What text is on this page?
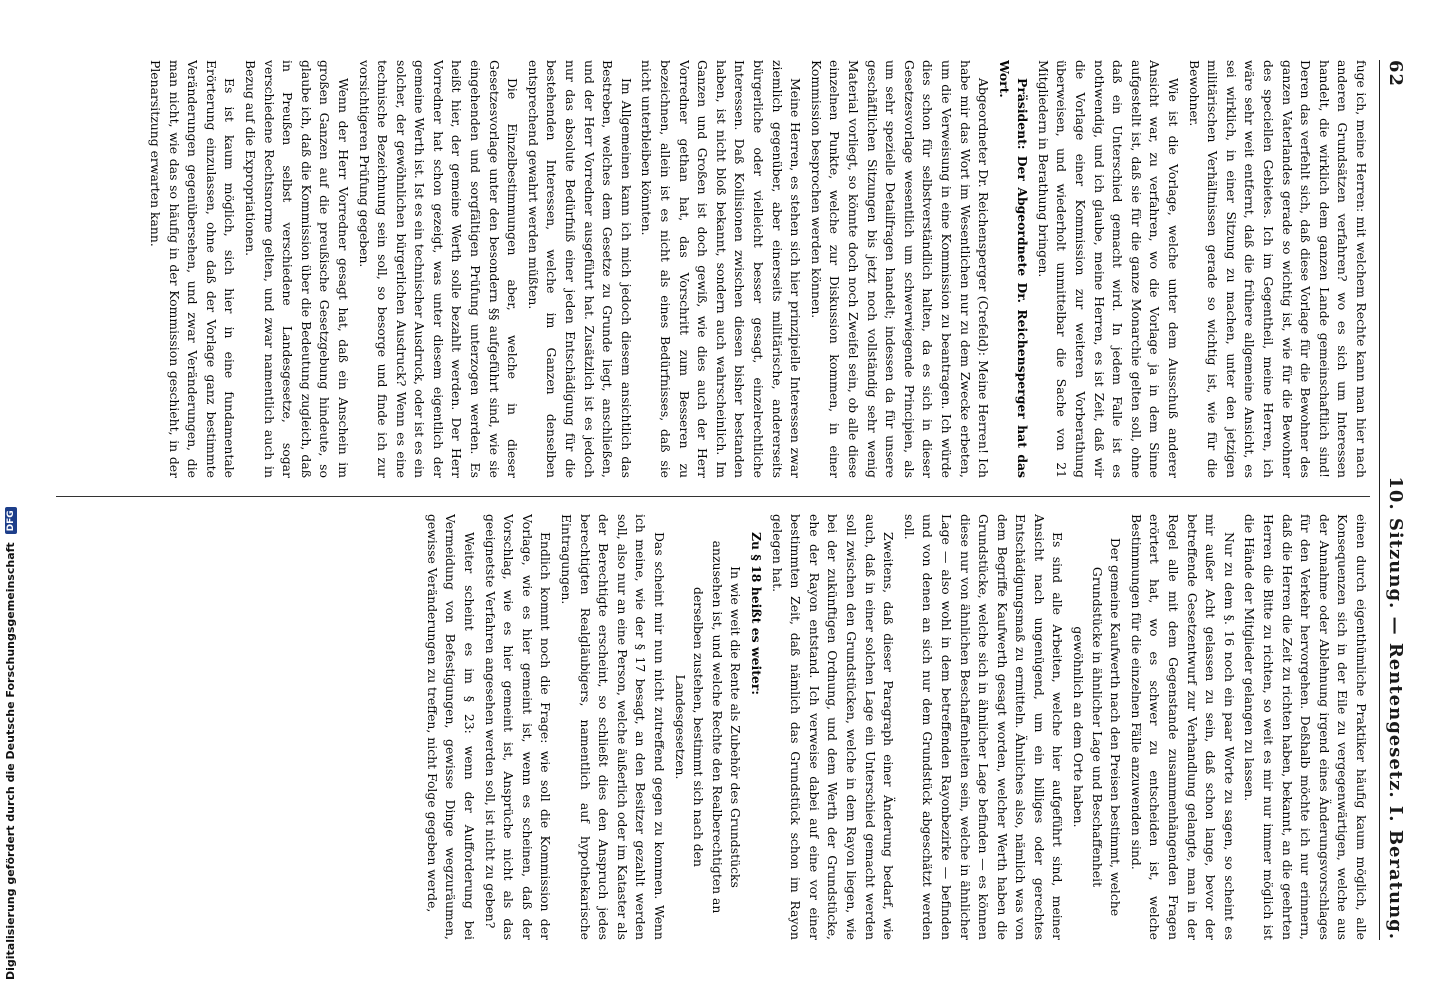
62
10. Sitzung. — Rentengesetz. I. Beratung.

fuge ich, meine Herren: mit welchem Rechte kann man hier nach anderen Grundsätzen verfahren? wo es sich um Interessen handelt, die wirklich dem ganzen Lande gemeinschaftlich sind! Deren das verfehlt sich, daß diese Vorlage für die Bewohner des ganzen Vaterlandes gerade so wichtig ist, wie für die Bewohner des speciellen Gebietes. Ich im Gegentheil, meine Herren, ich wäre sehr weit entfernt, daß die frühere allgemeine Ansicht, es sei wirklich, in einer Sitzung zu machen, unter den jetzigen militärischen Verhältnissen gerade so wichtig ist, wie für die Bewohner.

Wie ist die Vorlage, welche unter dem Ausschuß anderer Ansicht war, zu verfahren, wo die Vorlage ja in dem Sinne aufgestellt ist, daß sie für die ganze Monarchie gelten soll, ohne daß ein Unterschied gemacht wird. In jedem Falle ist es nothwendig, und ich glaube, meine Herren, es ist Zeit, daß wir die Vorlage einer Kommission zur weiteren Vorberathung überweisen, und wiederholt unmittelbar die Sache von 21 Mitgliedern in Berathung bringen.

Präsident: Der Abgeordnete Dr. Reichensperger hat das Wort.

Abgeordneter Dr. Reichensperger (Crefeld): Meine Herren! Ich habe mir das Wort im Wesentlichen nur zu dem Zwecke erbeten, um die Verweisung in eine Kommission zu beantragen. Ich würde dies schon für selbstverständlich halten, da es sich in dieser Gesetzesvorlage wesentlich um schwerwiegende Principien, als um sehr spezielle Detailfragen handelt; indessen da für unsere geschäftlichen Sitzungen bis jetzt noch vollständig sehr wenig Material vorliegt, so könnte doch noch Zweifel sein, ob alle diese einzelnen Punkte, welche zur Diskussion kommen, in einer Kommission besprochen werden können.

Meine Herren, es stehen sich hier prinzipielle Interessen zwar ziemlich gegenüber, aber einerseits militärische, andererseits bürgerliche oder vielleicht besser gesagt, einzelrechtliche Interessen. Daß Kollisionen zwischen diesen bisher bestanden haben, ist nicht bloß bekannt, sondern auch wahrscheinlich. Im Ganzen und Großen ist doch gewiß, wie dies auch der Herr Vorredner gethan hat, das Vorschritt zum Besseren zu bezeichnen, allein ist es nicht als eines Bedürfnisses, daß sie nicht unterbleiben könnten.

Im Allgemeinen kann ich mich jedoch diesem ansichtlich das Bestreben, welches dem Gesetze zu Grunde liegt, anschließen, und der Herr Vorredner ausgeführt hat. Zusätzlich ist es jedoch nur das absolute Bedürfniß einer jeden Entschädigung für die bestehenden Interessen, welche im Ganzen denselben entsprechend gewahrt werden müßten.

Die Einzelbestimmungen aber, welche in dieser Gesetzesvorlage unter den besondern §§ aufgeführt sind, wie sie eingehenden und sorgfältigen Prüfung unterzogen werden. Es heißt hier, der gemeine Werth solle bezahlt werden. Der Herr Vorredner hat schon gezeigt, was unter diesem eigentlich der gemeine Werth ist. Ist es ein technischer Ausdruck, oder ist es ein solcher, der gewöhnlichen bürgerlichen Ausdruck? Wenn es eine technische Bezeichnung sein soll, so besorge und finde ich zur vorsichtigeren Prüfung gegeben.

Wenn der Herr Vorredner gesagt hat, daß ein Anschein im großen Ganzen auf die preußische Gesetzgebung hindeute, so glaube ich, daß die Kommission über die Bedeutung zugleich, daß in Preußen selbst verschiedene Landesgesetze, sogar verschiedene Rechtsnorme gelten, und zwar namentlich auch in Bezug auf die Expropriationen.

Es ist kaum möglich, sich hier in eine fundamentale Erörterung einzulassen, ohne daß der Vorlage ganz bestimmte Veränderungen gegenübersehen, und zwar Veränderungen, die man nicht, wie das so häufig in der Kommission geschieht, in der Plenarsitzung erwarten kann.

einen durch eigenthümliche Praktiker häufig kaum möglich, alle Konsequenzen sich in der Eile zu vergegenwärtigen, welche aus der Annahme oder Ablehnung irgend eines Änderungsvorschlages für den Verkehr hervorgehen. Deßhalb möchte ich nur erinnern, daß die Herren die Zeit zu richten haben, bekannt, an die geehrten Herren die Bitte zu richten, so weit es mir nur immer möglich ist die Hände der Mitglieder gelangen zu lassen.

Nur zu dem §. 16 noch ein paar Worte zu sagen, so scheint es mir außer Acht gelassen zu sein, daß schon lange, bevor der betreffende Gesetzentwurf zur Verhandlung gelangte, man in der Regel alle mit dem Gegenstande zusammenhängenden Fragen erörtert hat, wo es schwer zu entscheiden ist, welche Bestimmungen für die einzelnen Fälle anzuwenden sind.

Der gemeine Kaufwerth nach den Preisen bestimmt, welche Grundstücke in ähnlicher Lage und Beschaffenheit gewöhnlich an dem Orte haben.

Es sind alle Arbeiten, welche hier aufgeführt sind, meiner Ansicht nach ungenügend, um ein billiges oder gerechtes Entschädigungsmaß zu ermitteln. Ähnliches also, nämlich was von dem Begriffe Kaufwerth gesagt worden, welcher Werth haben die Grundstücke, welche sich in ähnlicher Lage befinden — es können diese nur von ähnlichen Beschaffenheiten sein, welche in ähnlicher Lage — also wohl in dem betreffenden Rayonbezirke — befinden und von denen an sich nur dem Grundstück abgeschätzt werden soll.

Zweitens, daß dieser Paragraph einer Änderung bedarf, wie auch, daß in einer solchen Lage ein Unterschied gemacht werden soll zwischen den Grundstücken, welche in dem Rayon liegen, wie bei der zukünftigen Ordnung, und dem Werth der Grundstücke, ehe der Rayon entstand. Ich verweise dabei auf eine vor einer bestimmten Zeit, daß nämlich das Grundstück schon im Rayon gelegen hat.

Zu § 18 heißt es weiter:

In wie weit die Rente als Zubehör des Grundstücks anzusehen ist, und welche Rechte den Realberechtigten an derselben zustehen, bestimmt sich nach den Landesgesetzen.

Das scheint mir nun nicht zutreffend gegen zu kommen. Wenn ich meine, wie der § 17 besagt, an den Besitzer gezahlt werden soll, also nur an eine Person, welche äußerlich oder im Kataster als der Berechtigte erscheint, so schließt dies den Anspruch jedes berechtigten Realgläubigers, namentlich auf hypothekarische Eintragungen.

Endlich kommt noch die Frage: wie soll die Kommission der Vorlage, wie es hier gemeint ist, wenn es scheinen, daß der Vorschlag, wie es hier gemeint ist, Ansprüche nicht als das geeignetste Verfahren angesehen werden soll, ist nicht zu geben?

Weiter scheint es im § 23: wenn der Aufforderung bei Vermeidung von Befestigungen, gewisse Dinge wegzuräumen, gewisse Veränderungen zu treffen, nicht Folge gegeben werde,

Digitalisierung gefördert durch die Deutsche Forschungsgemeinschaft
DFG
